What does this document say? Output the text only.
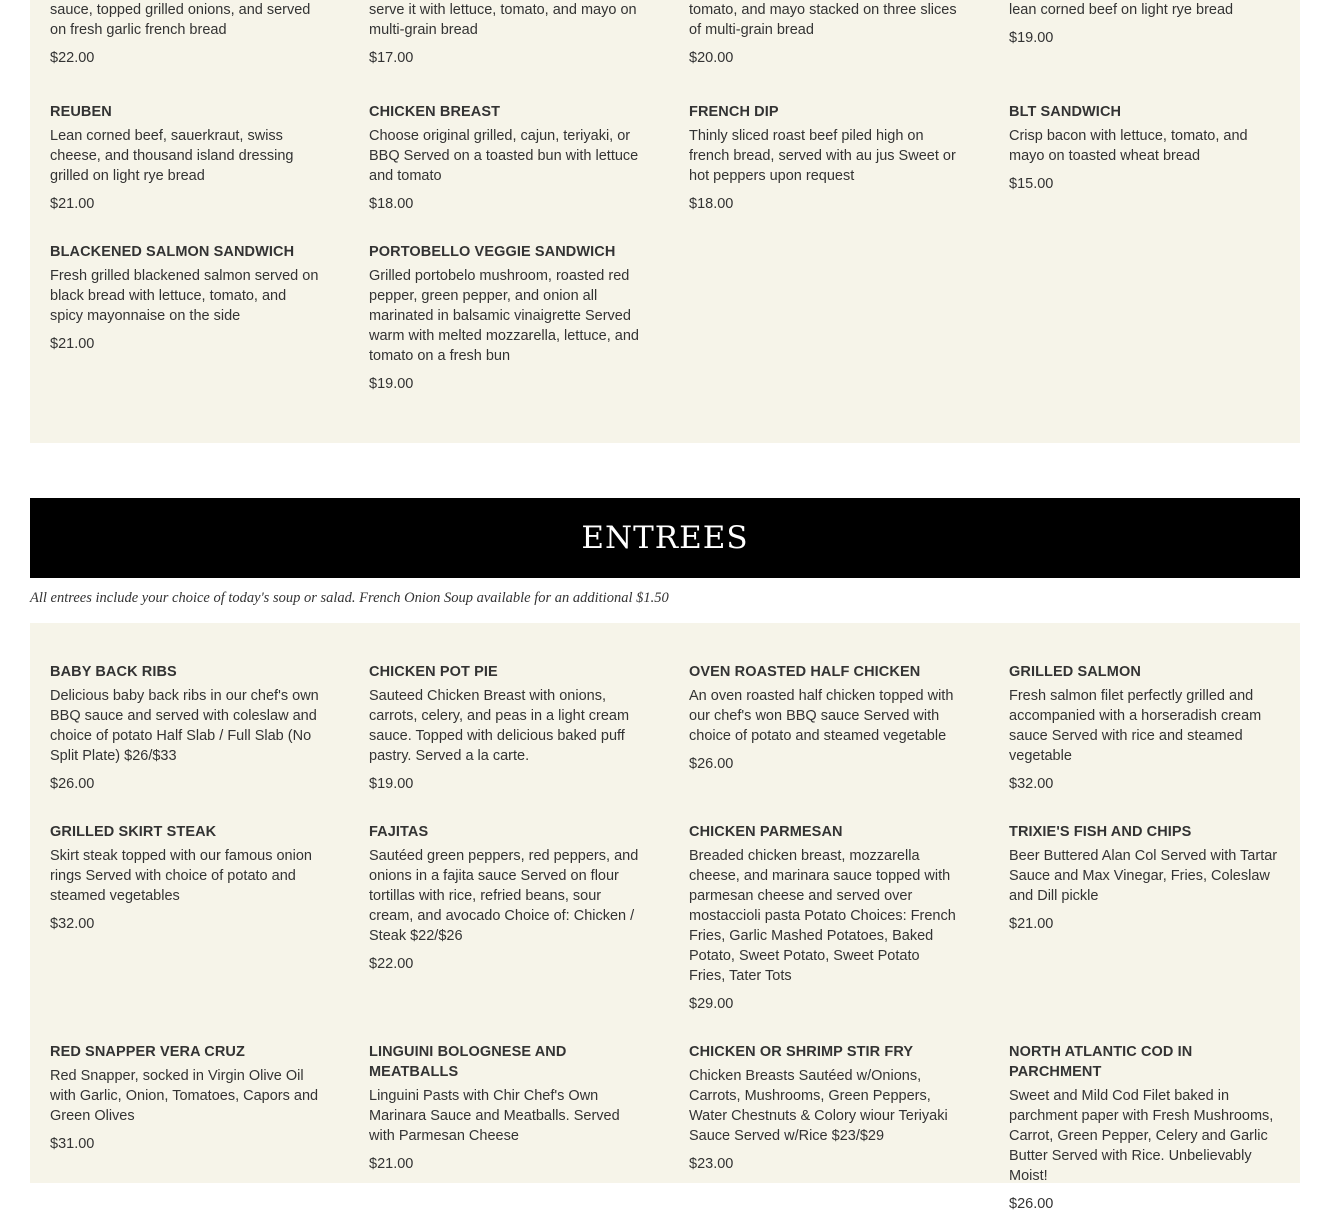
sauce, topped grilled onions, and served on fresh garlic french bread
$22.00
serve it with lettuce, tomato, and mayo on multi-grain bread
$17.00
tomato, and mayo stacked on three slices of multi-grain bread
$20.00
lean corned beef on light rye bread
$19.00
REUBEN
Lean corned beef, sauerkraut, swiss cheese, and thousand island dressing grilled on light rye bread
$21.00
CHICKEN BREAST
Choose original grilled, cajun, teriyaki, or BBQ Served on a toasted bun with lettuce and tomato
$18.00
FRENCH DIP
Thinly sliced roast beef piled high on french bread, served with au jus Sweet or hot peppers upon request
$18.00
BLT SANDWICH
Crisp bacon with lettuce, tomato, and mayo on toasted wheat bread
$15.00
BLACKENED SALMON SANDWICH
Fresh grilled blackened salmon served on black bread with lettuce, tomato, and spicy mayonnaise on the side
$21.00
PORTOBELLO VEGGIE SANDWICH
Grilled portobelo mushroom, roasted red pepper, green pepper, and onion all marinated in balsamic vinaigrette Served warm with melted mozzarella, lettuce, and tomato on a fresh bun
$19.00
ENTREES
All entrees include your choice of today's soup or salad. French Onion Soup available for an additional $1.50
BABY BACK RIBS
Delicious baby back ribs in our chef's own BBQ sauce and served with coleslaw and choice of potato Half Slab / Full Slab (No Split Plate) $26/$33
$26.00
CHICKEN POT PIE
Sauteed Chicken Breast with onions, carrots, celery, and peas in a light cream sauce. Topped with delicious baked puff pastry. Served a la carte.
$19.00
OVEN ROASTED HALF CHICKEN
An oven roasted half chicken topped with our chef's won BBQ sauce Served with choice of potato and steamed vegetable
$26.00
GRILLED SALMON
Fresh salmon filet perfectly grilled and accompanied with a horseradish cream sauce Served with rice and steamed vegetable
$32.00
GRILLED SKIRT STEAK
Skirt steak topped with our famous onion rings Served with choice of potato and steamed vegetables
$32.00
FAJITAS
Sautéed green peppers, red peppers, and onions in a fajita sauce Served on flour tortillas with rice, refried beans, sour cream, and avocado Choice of: Chicken / Steak $22/$26
$22.00
CHICKEN PARMESAN
Breaded chicken breast, mozzarella cheese, and marinara sauce topped with parmesan cheese and served over mostaccioli pasta Potato Choices: French Fries, Garlic Mashed Potatoes, Baked Potato, Sweet Potato, Sweet Potato Fries, Tater Tots
$29.00
TRIXIE'S FISH AND CHIPS
Beer Buttered Alan Col Served with Tartar Sauce and Max Vinegar, Fries, Coleslaw and Dill pickle
$21.00
RED SNAPPER VERA CRUZ
Red Snapper, socked in Virgin Olive Oil with Garlic, Onion, Tomatoes, Capors and Green Olives
$31.00
LINGUINI BOLOGNESE AND MEATBALLS
Linguini Pasts with Chir Chef's Own Marinara Sauce and Meatballs. Served with Parmesan Cheese
$21.00
CHICKEN OR SHRIMP STIR FRY
Chicken Breasts Sautéed w/Onions, Carrots, Mushrooms, Green Peppers, Water Chestnuts & Colory wiour Teriyaki Sauce Served w/Rice $23/$29
$23.00
NORTH ATLANTIC COD IN PARCHMENT
Sweet and Mild Cod Filet baked in parchment paper with Fresh Mushrooms, Carrot, Green Pepper, Celery and Garlic Butter Served with Rice. Unbelievably Moist!
$26.00
